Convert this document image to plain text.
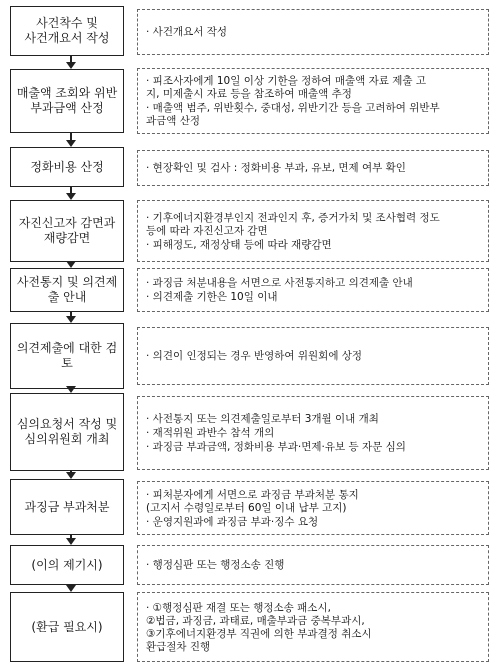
사건착수 및
사건개요서 작성	· 사건개요서 작성
매출액 조회와 위반
부과금액 산정
· 피조사자에게 10일 이상 기한을 정하여 매출액 자료 제출 고
지, 미제출시 자료 등을 참조하여 매출액 추정
· 매출액 범주, 위반횟수, 중대성, 위반기간 등을 고려하여 위반부
과금액 산정
정화비용 산정	· 현장확인 및 검사 : 정화비용 부과, 유보, 면제 여부 확인
자진신고자 감면과
재량감면
· 기후에너지환경부인지 전과인지 후, 증거가치 및 조사협력 정도
등에 따라 자진신고자 감면
· 피해정도, 재정상태 등에 따라 재량감면
사전통지 및 의견제
출 안내
· 과징금 처분내용을 서면으로 사전통지하고 의견제출 안내
· 의견제출 기한은 10일 이내
의견제출에 대한 검
토	· 의견이 인정되는 경우 반영하여 위원회에 상정
심의요청서 작성 및
심의위원회 개최
· 사전통지 또는 의견제출일로부터 3개월 이내 개최
· 재적위원 과반수 참석 개의
· 과징금 부과금액, 정화비용 부과·면제·유보 등 자문 심의
과징금 부과처분
· 피처분자에게 서면으로 과징금 부과처분 통지
(고지서 수령일로부터 60일 이내 납부 고지)
· 운영지원과에 과징금 부과·징수 요청
(이의 제기시)	· 행정심판 또는 행정소송 진행
(환급 필요시)
· ①행정심판 재결 또는 행정소송 패소시,
②법금, 과징금, 과태료, 매출부과금 중복부과시,
③기후에너지환경부 직권에 의한 부과결정 취소시
환급절차 진행
